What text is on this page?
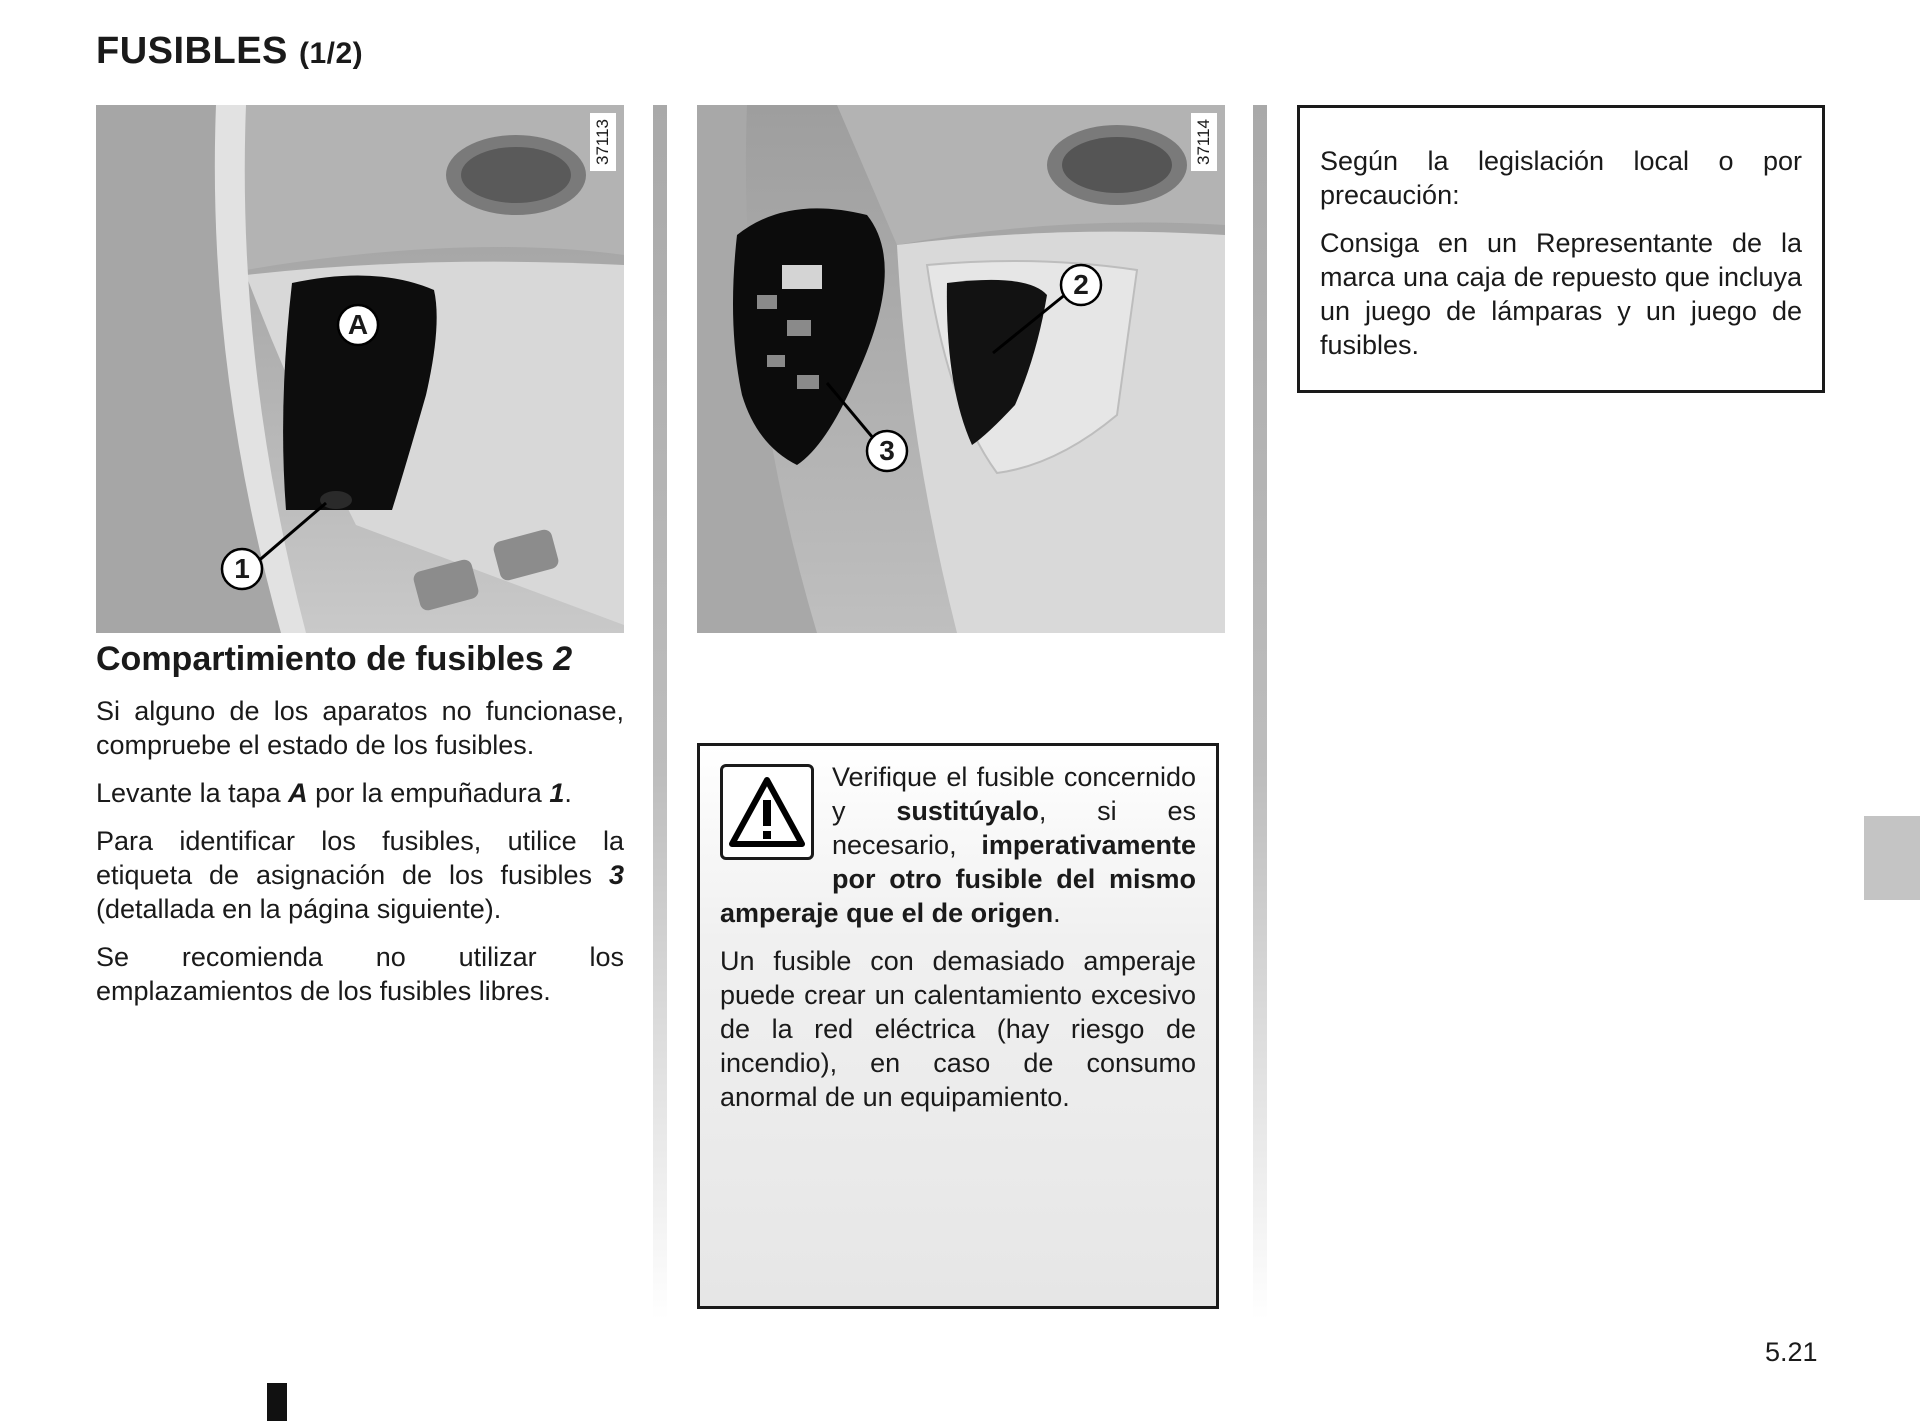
FUSIBLES (1/2)
A
1
37113
2
3
37114
Compartimiento de fusibles 2

Si alguno de los aparatos no funcionase, compruebe el estado de los fusibles.

Levante la tapa A por la empuñadura 1.

Para identificar los fusibles, utilice la etiqueta de asignación de los fusibles 3 (detallada en la página siguiente).

Se recomienda no utilizar los emplazamientos de los fusibles libres.

Verifique el fusible concernido y sustitúyalo, si es necesario, imperativamente por otro fusible del mismo amperaje que el de origen.

Un fusible con demasiado amperaje puede crear un calentamiento excesivo de la red eléctrica (hay riesgo de incendio), en caso de consumo anormal de un equipamiento.

Según la legislación local o por precaución:

Consiga en un Representante de la marca una caja de repuesto que incluya un juego de lámparas y un juego de fusibles.

5.21
